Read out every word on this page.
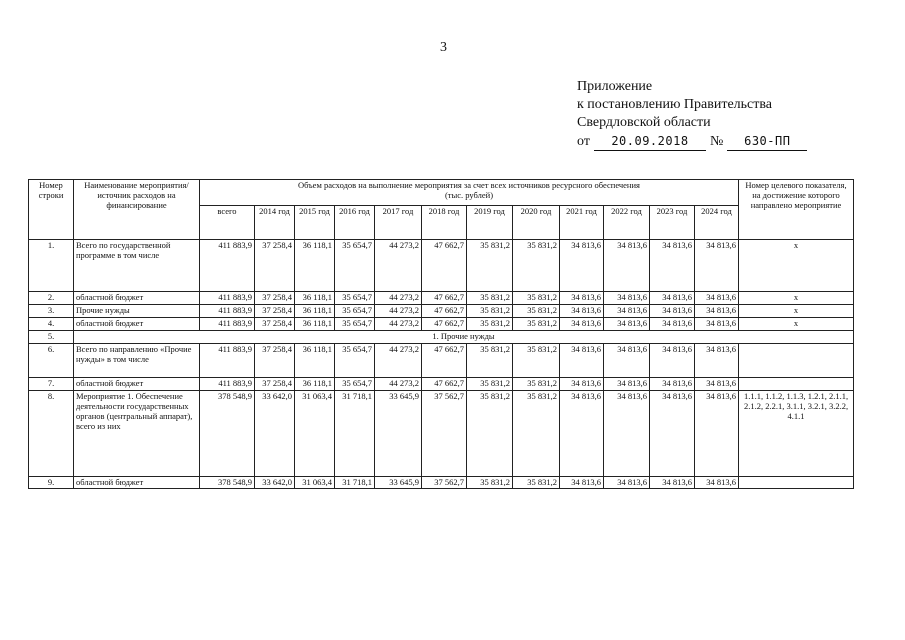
3
Приложение
к постановлению Правительства
Свердловской области
от 20.09.2018 № 630-ПП
Номер строки	Наименование мероприятия/ источник расходов на финансирование	Объем расходов на выполнение мероприятия за счет всех источников ресурсного обеспечения
(тыс. рублей)												Номер целевого показателя, на достижение которого направлено мероприятие
		всего	2014 год	2015 год	2016 год	2017 год	2018 год	2019 год	2020 год	2021 год	2022 год	2023 год	2024 год	
1.	Всего по государственной программе в том числе	411 883,9	37 258,4	36 118,1	35 654,7	44 273,2	47 662,7	35 831,2	35 831,2	34 813,6	34 813,6	34 813,6	34 813,6	x
2.	областной бюджет	411 883,9	37 258,4	36 118,1	35 654,7	44 273,2	47 662,7	35 831,2	35 831,2	34 813,6	34 813,6	34 813,6	34 813,6	x
3.	Прочие нужды	411 883,9	37 258,4	36 118,1	35 654,7	44 273,2	47 662,7	35 831,2	35 831,2	34 813,6	34 813,6	34 813,6	34 813,6	x
4.	областной бюджет	411 883,9	37 258,4	36 118,1	35 654,7	44 273,2	47 662,7	35 831,2	35 831,2	34 813,6	34 813,6	34 813,6	34 813,6	x
5.	1. Прочие нужды													
6.	Всего по направлению «Прочие нужды» в том числе	411 883,9	37 258,4	36 118,1	35 654,7	44 273,2	47 662,7	35 831,2	35 831,2	34 813,6	34 813,6	34 813,6	34 813,6	
7.	областной бюджет	411 883,9	37 258,4	36 118,1	35 654,7	44 273,2	47 662,7	35 831,2	35 831,2	34 813,6	34 813,6	34 813,6	34 813,6	
8.	Мероприятие 1. Обеспечение деятельности государственных органов (центральный аппарат), всего из них	378 548,9	33 642,0	31 063,4	31 718,1	33 645,9	37 562,7	35 831,2	35 831,2	34 813,6	34 813,6	34 813,6	34 813,6	1.1.1, 1.1.2, 1.1.3, 1.2.1, 2.1.1, 2.1.2, 2.2.1, 3.1.1, 3.2.1, 3.2.2, 4.1.1
9.	областной бюджет	378 548,9	33 642,0	31 063,4	31 718,1	33 645,9	37 562,7	35 831,2	35 831,2	34 813,6	34 813,6	34 813,6	34 813,6	
